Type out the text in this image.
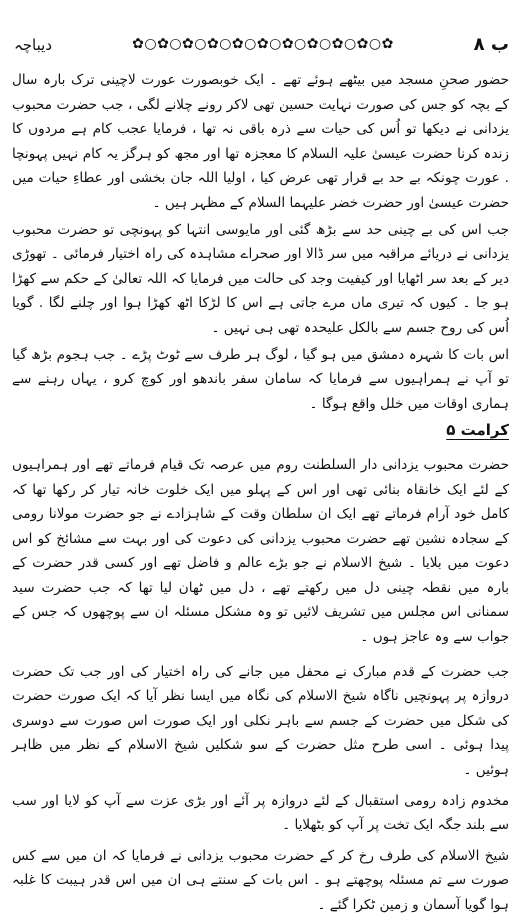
ب ۸
✿○✿○✿○✿○✿○✿○✿○✿○✿○✿○✿
دیباچہ

حضور صحنِ مسجد میں بیٹھے ہوئے تھے ۔ ایک خوبصورت عورت لاچینی ترک بارہ سال کے بچہ کو جس کی صورت نہایت حسین تھی لاکر رونے چلانے لگی ، جب حضرت محبوب یزدانی نے دیکھا تو اُس کی حیات سے ذرہ باقی نہ تھا ، فرمایا عجب کام ہے مردوں کا زندہ کرنا حضرت عیسیٰ علیہ السلام کا معجزہ تھا اور مجھ کو ہرگز یہ کام نہیں پہونچا . عورت چونکہ بے حد بے قرار تھی عرض کیا ، اولیا اللہ جان بخشی اور عطاءِ حیات میں حضرت عیسیٰ اور حضرت خضر علیہما السلام کے مظہر ہیں ۔

جب اس کی بے چینی حد سے بڑھ گئی اور مایوسی انتہا کو پہونچی تو حضرت محبوب یزدانی نے دریائے مراقبہ میں سر ڈالا اور صحراے مشاہدہ کی راہ اختیار فرمائی ۔ تھوڑی دیر کے بعد سر اٹھایا اور کیفیت وجد کی حالت میں فرمایا کہ اللہ تعالیٰ کے حکم سے کھڑا ہو جا ۔ کیوں کہ تیری ماں مرے جاتی ہے اس کا لڑکا اٹھ کھڑا ہوا اور چلنے لگا . گویا اُس کی روح جسم سے بالکل علیحدہ تھی ہی نہیں ۔

اس بات کا شہرہ دمشق میں ہو گیا ، لوگ ہر طرف سے ٹوٹ پڑے ۔ جب ہجوم بڑھ گیا تو آپ نے ہمراہیوں سے فرمایا کہ سامان سفر باندھو اور کوچ کرو ، یہاں رہنے سے ہماری اوقات میں خلل واقع ہوگا ۔

کرامت ۵

حضرت محبوب یزدانی دار السلطنت روم میں عرصہ تک قیام فرماتے تھے اور ہمراہیوں کے لئے ایک خانقاہ بنائی تھی اور اس کے پہلو میں ایک خلوت خانہ تیار کر رکھا تھا کہ کامل خود آرام فرماتے تھے ایک ان سلطان وقت کے شاہزادے نے جو حضرت مولانا رومی کے سجادہ نشین تھے حضرت محبوب یزدانی کی دعوت کی اور بہت سے مشائخ کو اس دعوت میں بلایا ۔ شیخ الاسلام نے جو بڑے عالم و فاضل تھے اور کسی قدر حضرت کے بارہ میں نقطہ چینی دل میں رکھتے تھے ، دل میں ٹھان لیا تھا کہ جب حضرت سید سمنانی اس مجلس میں تشریف لائیں تو وہ مشکل مسئلہ ان سے پوچھوں کہ جس کے جواب سے وہ عاجز ہوں ۔

جب حضرت کے قدم مبارک نے محفل میں جانے کی راہ اختیار کی اور جب تک حضرت دروازہ پر پہونچیں ناگاہ شیخ الاسلام کی نگاہ میں ایسا نظر آیا کہ ایک صورت حضرت کی شکل میں حضرت کے جسم سے باہر نکلی اور ایک صورت اس صورت سے دوسری پیدا ہوئی ۔ اسی طرح مثل حضرت کے سو شکلیں شیخ الاسلام کے نظر میں ظاہر ہوئیں ۔

مخدوم زادہ رومی استقبال کے لئے دروازہ پر آئے اور بڑی عزت سے آپ کو لایا اور سب سے بلند جگہ ایک تخت پر آپ کو بٹھلایا ۔

شیخ الاسلام کی طرف رخ کر کے حضرت محبوب یزدانی نے فرمایا کہ ان میں سے کس صورت سے تم مسئلہ پوچھتے ہو ۔ اس بات کے سنتے ہی ان میں اس قدر ہیبت کا غلبہ ہوا گویا آسمان و زمین ٹکرا گئے ۔
